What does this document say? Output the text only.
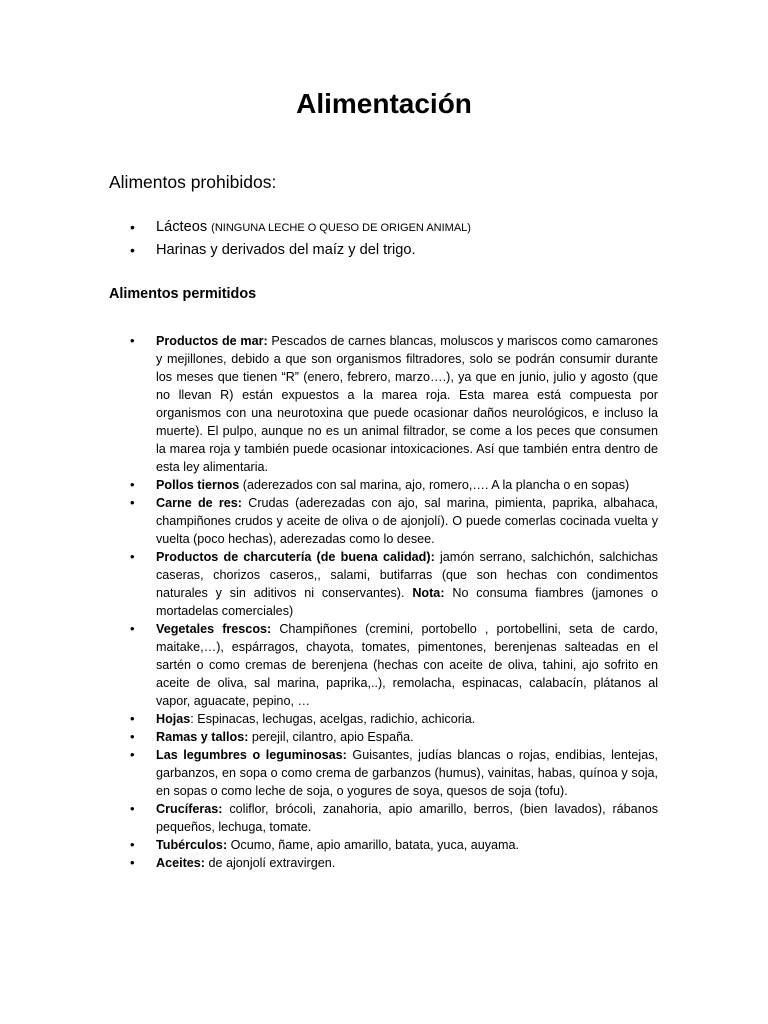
Alimentación

Alimentos prohibidos:

• Lácteos (NINGUNA LECHE O QUESO DE ORIGEN ANIMAL)
• Harinas y derivados del maíz y del trigo.

Alimentos permitidos

• Productos de mar: Pescados de carnes blancas, moluscos y mariscos como camarones y mejillones, debido a que son organismos filtradores, solo se podrán consumir durante los meses que tienen “R” (enero, febrero, marzo….), ya que en junio, julio y agosto (que no llevan R) están expuestos a la marea roja. Esta marea está compuesta por organismos con una neurotoxina que puede ocasionar daños neurológicos, e incluso la muerte). El pulpo, aunque no es un animal filtrador, se come a los peces que consumen la marea roja y también puede ocasionar intoxicaciones. Así que también entra dentro de esta ley alimentaria.
• Pollos tiernos (aderezados con sal marina, ajo, romero,…. A la plancha o en sopas)
• Carne de res: Crudas (aderezadas con ajo, sal marina, pimienta, paprika, albahaca, champiñones crudos y aceite de oliva o de ajonjolí). O puede comerlas cocinada vuelta y vuelta (poco hechas), aderezadas como lo desee.
• Productos de charcutería (de buena calidad): jamón serrano, salchichón, salchichas caseras, chorizos caseros,, salami, butifarras (que son hechas con condimentos naturales y sin aditivos ni conservantes). Nota: No consuma fiambres (jamones o mortadelas comerciales)
• Vegetales frescos: Champiñones (cremini, portobello , portobellini, seta de cardo, maitake,…), espárragos, chayota, tomates, pimentones, berenjenas salteadas en el sartén o como cremas de berenjena (hechas con aceite de oliva, tahini, ajo sofrito en aceite de oliva, sal marina, paprika,..), remolacha, espinacas, calabacín, plátanos al vapor, aguacate, pepino, …
• Hojas: Espinacas, lechugas, acelgas, radichio, achicoria.
• Ramas y tallos: perejil, cilantro, apio España.
• Las legumbres o leguminosas: Guisantes, judías blancas o rojas, endibias, lentejas, garbanzos, en sopa o como crema de garbanzos (humus), vainitas, habas, quínoa y soja, en sopas o como leche de soja, o yogures de soya, quesos de soja (tofu).
• Crucíferas: coliflor, brócoli, zanahoria, apio amarillo, berros, (bien lavados), rábanos pequeños, lechuga, tomate.
• Tubérculos: Ocumo, ñame, apio amarillo, batata, yuca, auyama.
• Aceites: de ajonjolí extravirgen.
